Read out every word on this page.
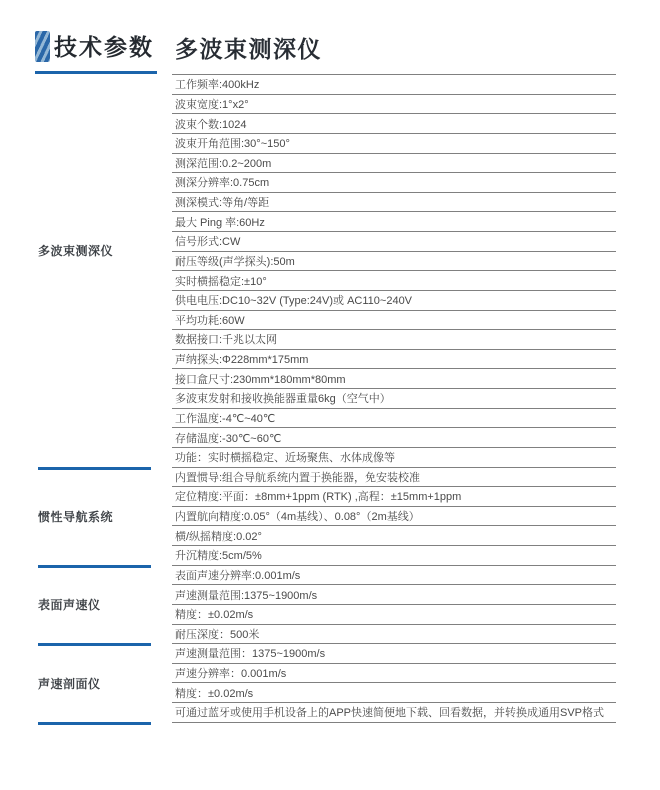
技术参数 多波束测深仪
多波束测深仪
工作频率:400kHz
波束宽度:1°x2°
波束个数:1024
波束开角范围:30°~150°
测深范围:0.2~200m
测深分辨率:0.75cm
测深模式:等角/等距
最大 Ping 率:60Hz
信号形式:CW
耐压等级(声学探头):50m
实时横摇稳定:±10°
供电电压:DC10~32V (Type:24V)或 AC110~240V
平均功耗:60W
数据接口:千兆以太网
声纳探头:Φ228mm*175mm
接口盒尺寸:230mm*180mm*80mm
多波束发射和接收换能器重量6kg（空气中）
工作温度:-4℃~40℃
存储温度:-30℃~60℃
功能：实时横摇稳定、近场聚焦、水体成像等
惯性导航系统
内置惯导:组合导航系统内置于换能器，免安装校准
定位精度:平面：±8mm+1ppm (RTK) ,高程：±15mm+1ppm
内置航向精度:0.05°（4m基线）、0.08°（2m基线）
横/纵摇精度:0.02°
升沉精度:5cm/5%
表面声速仪
表面声速分辨率:0.001m/s
声速测量范围:1375~1900m/s
精度：±0.02m/s
耐压深度：500米
声速剖面仪
声速测量范围：1375~1900m/s
声速分辨率：0.001m/s
精度：±0.02m/s
可通过蓝牙或使用手机设备上的APP快速简便地下载、回看数据，并转换成通用SVP格式
